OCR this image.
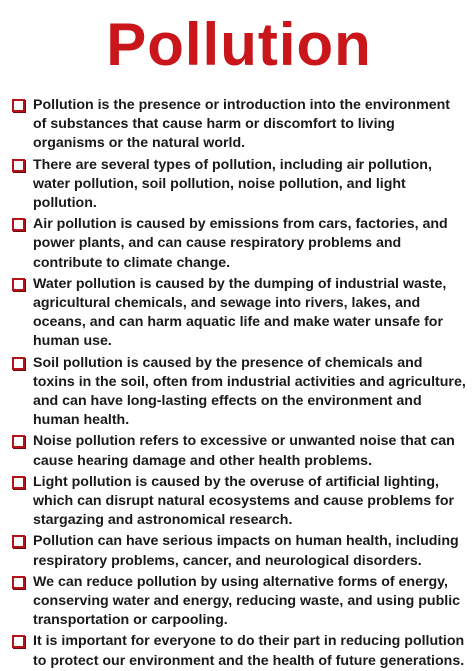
Pollution
Pollution is the presence or introduction into the environment of substances that cause harm or discomfort to living organisms or the natural world.
There are several types of pollution, including air pollution, water pollution, soil pollution, noise pollution, and light pollution.
Air pollution is caused by emissions from cars, factories, and power plants, and can cause respiratory problems and contribute to climate change.
Water pollution is caused by the dumping of industrial waste, agricultural chemicals, and sewage into rivers, lakes, and oceans, and can harm aquatic life and make water unsafe for human use.
Soil pollution is caused by the presence of chemicals and toxins in the soil, often from industrial activities and agriculture, and can have long-lasting effects on the environment and human health.
Noise pollution refers to excessive or unwanted noise that can cause hearing damage and other health problems.
Light pollution is caused by the overuse of artificial lighting, which can disrupt natural ecosystems and cause problems for stargazing and astronomical research.
Pollution can have serious impacts on human health, including respiratory problems, cancer, and neurological disorders.
We can reduce pollution by using alternative forms of energy, conserving water and energy, reducing waste, and using public transportation or carpooling.
It is important for everyone to do their part in reducing pollution to protect our environment and the health of future generations.
